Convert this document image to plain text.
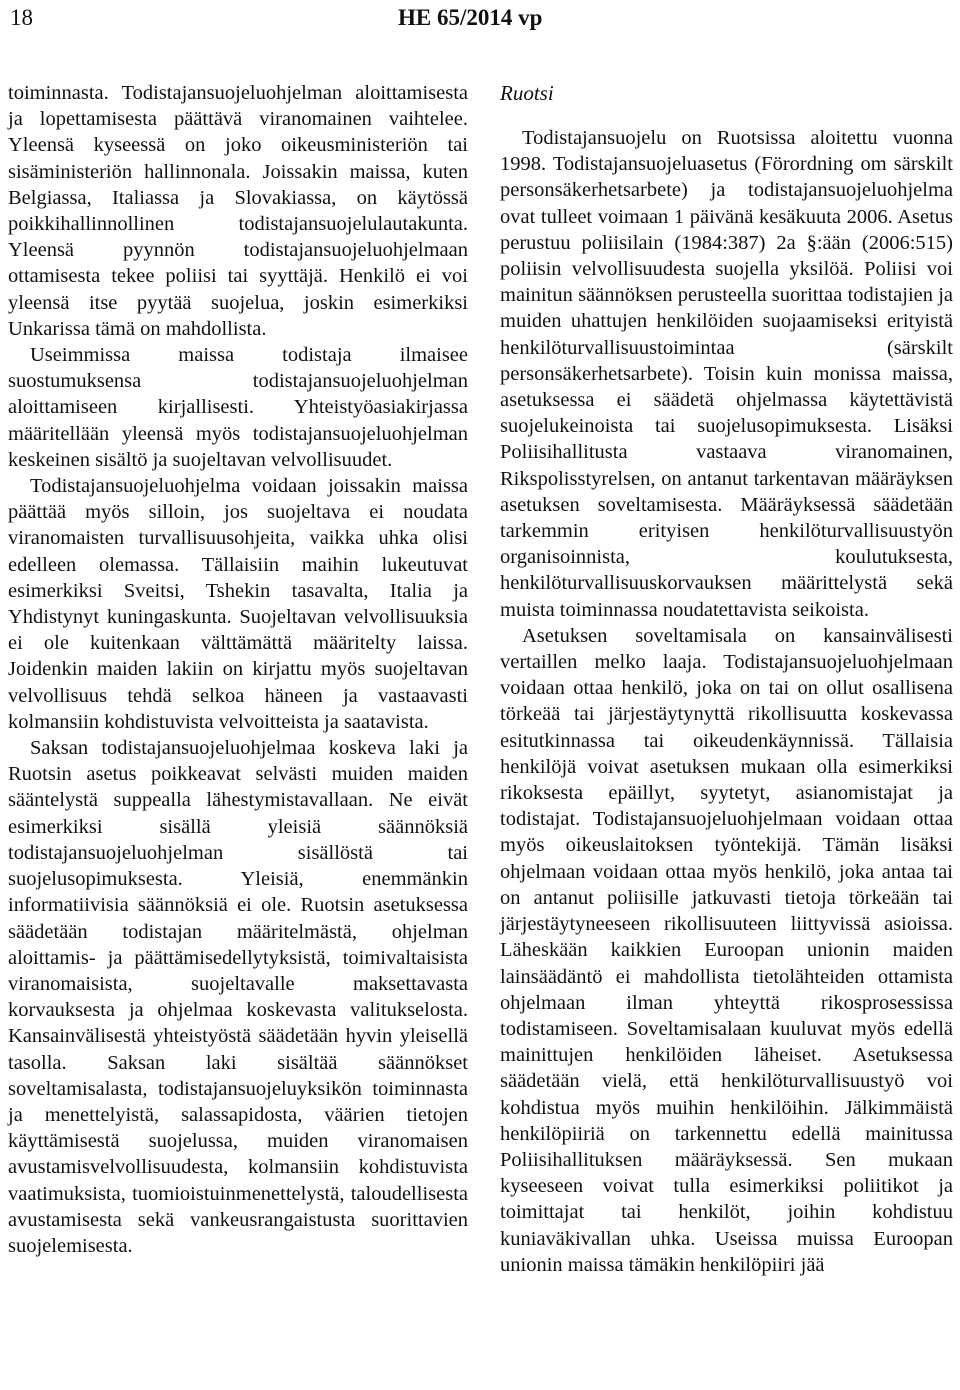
18	HE 65/2014 vp

toiminnasta. Todistajansuojeluohjelman aloittamisesta ja lopettamisesta päättävä viranomainen vaihtelee. Yleensä kyseessä on joko oikeusministeriön tai sisäministeriön hallinnonala. Joissakin maissa, kuten Belgiassa, Italiassa ja Slovakiassa, on käytössä poikkihallinnollinen todistajansuojelulautakunta. Yleensä pyynnön todistajansuojeluohjelmaan ottamisesta tekee poliisi tai syyttäjä. Henkilö ei voi yleensä itse pyytää suojelua, joskin esimerkiksi Unkarissa tämä on mahdollista.

Useimmissa maissa todistaja ilmaisee suostumuksensa todistajansuojeluohjelman aloittamiseen kirjallisesti. Yhteistyöasiakirjassa määritellään yleensä myös todistajansuojeluohjelman keskeinen sisältö ja suojeltavan velvollisuudet.

Todistajansuojeluohjelma voidaan joissakin maissa päättää myös silloin, jos suojeltava ei noudata viranomaisten turvallisuusohjeita, vaikka uhka olisi edelleen olemassa. Tällaisiin maihin lukeutuvat esimerkiksi Sveitsi, Tshekin tasavalta, Italia ja Yhdistynyt kuningaskunta. Suojeltavan velvollisuuksia ei ole kuitenkaan välttämättä määritelty laissa. Joidenkin maiden lakiin on kirjattu myös suojeltavan velvollisuus tehdä selkoa häneen ja vastaavasti kolmansiin kohdistuvista velvoitteista ja saatavista.

Saksan todistajansuojeluohjelmaa koskeva laki ja Ruotsin asetus poikkeavat selvästi muiden maiden sääntelystä suppealla lähestymistavallaan. Ne eivät esimerkiksi sisällä yleisiä säännöksiä todistajansuojeluohjelman sisällöstä tai suojelusopimuksesta. Yleisiä, enemmänkin informatiivisia säännöksiä ei ole. Ruotsin asetuksessa säädetään todistajan määritelmästä, ohjelman aloittamis- ja päättämisedellytyksistä, toimivaltaisista viranomaisista, suojeltavalle maksettavasta korvauksesta ja ohjelmaa koskevasta valitukselosta. Kansainvälisestä yhteistyöstä säädetään hyvin yleisellä tasolla. Saksan laki sisältää säännökset soveltamisalasta, todistajansuojeluyksikön toiminnasta ja menettelyistä, salassapidosta, väärien tietojen käyttämisestä suojelussa, muiden viranomaisen avustamisvelvollisuudesta, kolmansiin kohdistuvista vaatimuksista, tuomioistuinmenettelystä, taloudellisesta avustamisesta sekä vankeusrangaistusta suorittavien suojelemisesta.

Ruotsi

Todistajansuojelu on Ruotsissa aloitettu vuonna 1998. Todistajansuojeluasetus (Förordning om särskilt personsäkerhetsarbete) ja todistajansuojeluohjelma ovat tulleet voimaan 1 päivänä kesäkuuta 2006. Asetus perustuu poliisilain (1984:387) 2a §:ään (2006:515) poliisin velvollisuudesta suojella yksilöä. Poliisi voi mainitun säännöksen perusteella suorittaa todistajien ja muiden uhattujen henkilöiden suojaamiseksi erityistä henkilöturvallisuustoimintaa (särskilt personsäkerhetsarbete). Toisin kuin monissa maissa, asetuksessa ei säädetä ohjelmassa käytettävistä suojelukeinoista tai suojelusopimuksesta. Lisäksi Poliisihallitusta vastaava viranomainen, Rikspolisstyrelsen, on antanut tarkentavan määräyksen asetuksen soveltamisesta. Määräyksessä säädetään tarkemmin erityisen henkilöturvallisuustyön organisoinnista, koulutuksesta, henkilöturvallisuuskorvauksen määrittelystä sekä muista toiminnassa noudatettavista seikoista.

Asetuksen soveltamisala on kansainvälisesti vertaillen melko laaja. Todistajansuojeluohjelmaan voidaan ottaa henkilö, joka on tai on ollut osallisena törkeää tai järjestäytynyttä rikollisuutta koskevassa esitutkinnassa tai oikeudenkäynnissä. Tällaisia henkilöjä voivat asetuksen mukaan olla esimerkiksi rikoksesta epäillyt, syytetyt, asianomistajat ja todistajat. Todistajansuojeluohjelmaan voidaan ottaa myös oikeuslaitoksen työntekijä. Tämän lisäksi ohjelmaan voidaan ottaa myös henkilö, joka antaa tai on antanut poliisille jatkuvasti tietoja törkeään tai järjestäytyneeseen rikollisuuteen liittyvissä asioissa. Läheskään kaikkien Euroopan unionin maiden lainsäädäntö ei mahdollista tietolähteiden ottamista ohjelmaan ilman yhteyttä rikosprosessissa todistamiseen. Soveltamisalaan kuuluvat myös edellä mainittujen henkilöiden läheiset. Asetuksessa säädetään vielä, että henkilöturvallisuustyö voi kohdistua myös muihin henkilöihin. Jälkimmäistä henkilöpiiriä on tarkennettu edellä mainitussa Poliisihallituksen määräyksessä. Sen mukaan kyseeseen voivat tulla esimerkiksi poliitikot ja toimittajat tai henkilöt, joihin kohdistuu kuniaväkivallan uhka. Useissa muissa Euroopan unionin maissa tämäkin henkilöpiiri jää
